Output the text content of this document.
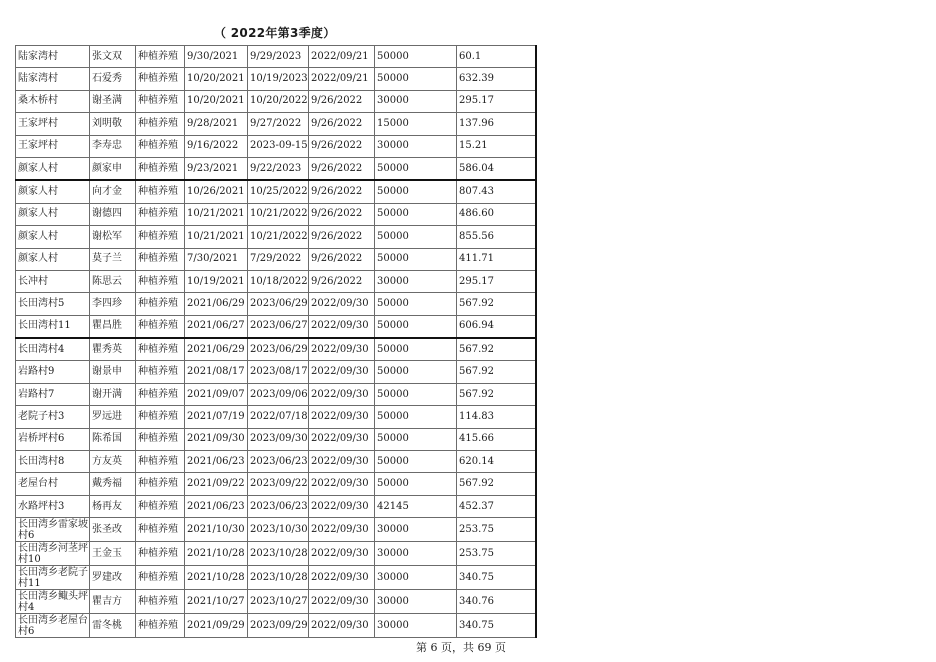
（ 2022年第3季度）
陆家湾村	张文双	种植养殖	9/30/2021	9/29/2023	2022/09/21	50000	60.1
陆家湾村	石爱秀	种植养殖	10/20/2021	10/19/2023	2022/09/21	50000	632.39
桑木桥村	谢圣满	种植养殖	10/20/2021	10/20/2022	9/26/2022	30000	295.17
王家坪村	刘明敬	种植养殖	9/28/2021	9/27/2022	9/26/2022	15000	137.96
王家坪村	李寿忠	种植养殖	9/16/2022	2023-09-15	9/26/2022	30000	15.21
颜家人村	颜家申	种植养殖	9/23/2021	9/22/2023	9/26/2022	50000	586.04
颜家人村	向才金	种植养殖	10/26/2021	10/25/2022	9/26/2022	50000	807.43
颜家人村	谢德四	种植养殖	10/21/2021	10/21/2022	9/26/2022	50000	486.60
颜家人村	谢松军	种植养殖	10/21/2021	10/21/2022	9/26/2022	50000	855.56
颜家人村	莫子兰	种植养殖	7/30/2021	7/29/2022	9/26/2022	50000	411.71
长冲村	陈思云	种植养殖	10/19/2021	10/18/2022	9/26/2022	30000	295.17
长田湾村5	李四珍	种植养殖	2021/06/29	2023/06/29	2022/09/30	50000	567.92
长田湾村11	瞿昌胜	种植养殖	2021/06/27	2023/06/27	2022/09/30	50000	606.94
长田湾村4	瞿秀英	种植养殖	2021/06/29	2023/06/29	2022/09/30	50000	567.92
岩路村9	谢景申	种植养殖	2021/08/17	2023/08/17	2022/09/30	50000	567.92
岩路村7	谢开满	种植养殖	2021/09/07	2023/09/06	2022/09/30	50000	567.92
老院子村3	罗远进	种植养殖	2021/07/19	2022/07/18	2022/09/30	50000	114.83
岩桥坪村6	陈希国	种植养殖	2021/09/30	2023/09/30	2022/09/30	50000	415.66
长田湾村8	方友英	种植养殖	2021/06/23	2023/06/23	2022/09/30	50000	620.14
老屋台村	戴秀福	种植养殖	2021/09/22	2023/09/22	2022/09/30	50000	567.92
水路坪村3	杨再友	种植养殖	2021/06/23	2023/06/23	2022/09/30	42145	452.37
长田湾乡雷家坡村6	张圣改	种植养殖	2021/10/30	2023/10/30	2022/09/30	30000	253.75
长田湾乡河茎坪村10	王金玉	种植养殖	2021/10/28	2023/10/28	2022/09/30	30000	253.75
长田湾乡老院子村11	罗建改	种植养殖	2021/10/28	2023/10/28	2022/09/30	30000	340.75
长田湾乡鲰头坪村4	瞿吉方	种植养殖	2021/10/27	2023/10/27	2022/09/30	30000	340.76
长田湾乡老屋台村6	雷冬桃	种植养殖	2021/09/29	2023/09/29	2022/09/30	30000	340.75
第 6 页，共 69 页
